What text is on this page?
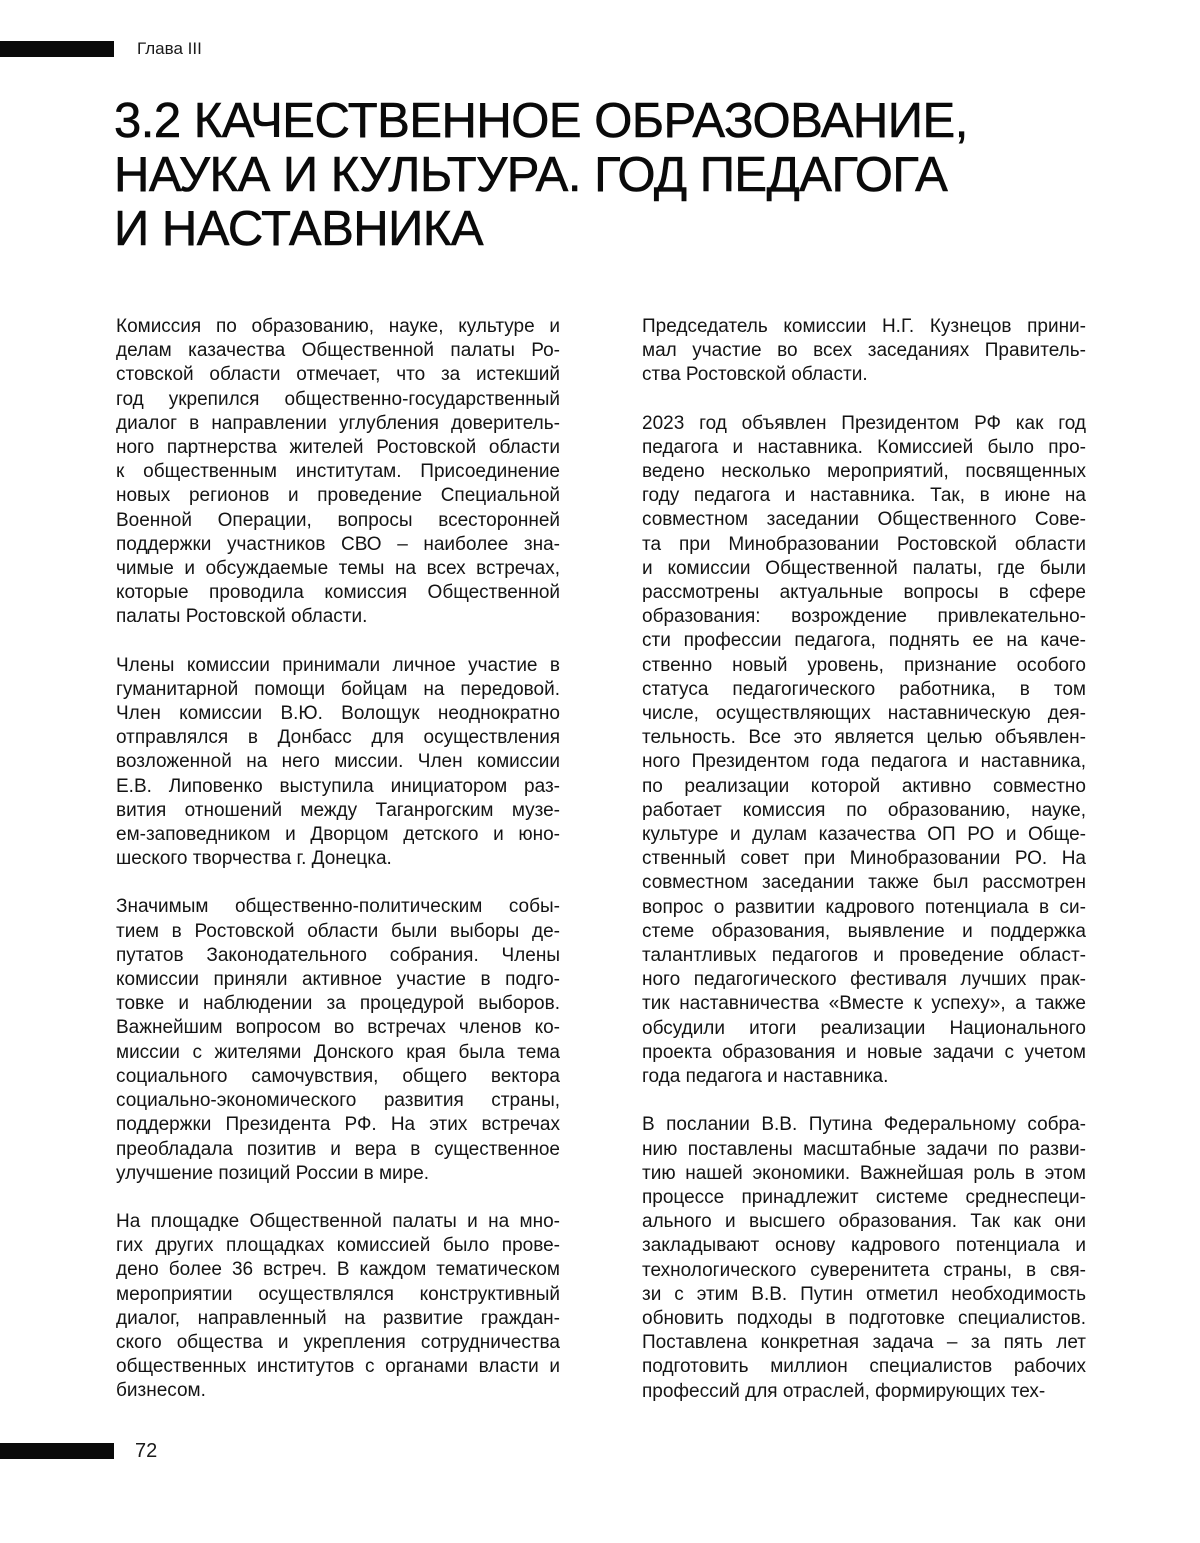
Глава III
3.2 КАЧЕСТВЕННОЕ ОБРАЗОВАНИЕ,
НАУКА И КУЛЬТУРА. ГОД ПЕДАГОГА
И НАСТАВНИКА

Комиссия по образованию, науке, культуре и
делам казачества Общественной палаты Ро-
стовской области отмечает, что за истекший
год укрепился общественно-государственный
диалог в направлении углубления доверитель-
ного партнерства жителей Ростовской области
к общественным институтам. Присоединение
новых регионов и проведение Специальной
Военной Операции, вопросы всесторонней
поддержки участников СВО – наиболее зна-
чимые и обсуждаемые темы на всех встречах,
которые проводила комиссия Общественной
палаты Ростовской области.

Члены комиссии принимали личное участие в
гуманитарной помощи бойцам на передовой.
Член комиссии В.Ю. Волощук неоднократно
отправлялся в Донбасс для осуществления
возложенной на него миссии. Член комиссии
Е.В. Липовенко выступила инициатором раз-
вития отношений между Таганрогским музе-
ем-заповедником и Дворцом детского и юно-
шеского творчества г. Донецка.

Значимым общественно-политическим собы-
тием в Ростовской области были выборы де-
путатов Законодательного собрания. Члены
комиссии приняли активное участие в подго-
товке и наблюдении за процедурой выборов.
Важнейшим вопросом во встречах членов ко-
миссии с жителями Донского края была тема
социального самочувствия, общего вектора
социально-экономического развития страны,
поддержки Президента РФ. На этих встречах
преобладала позитив и вера в существенное
улучшение позиций России в мире.

На площадке Общественной палаты и на мно-
гих других площадках комиссией было прове-
дено более 36 встреч. В каждом тематическом
мероприятии осуществлялся конструктивный
диалог, направленный на развитие граждан-
ского общества и укрепления сотрудничества
общественных институтов с органами власти и
бизнесом.

Председатель комиссии Н.Г. Кузнецов прини-
мал участие во всех заседаниях Правитель-
ства Ростовской области.

2023 год объявлен Президентом РФ как год
педагога и наставника. Комиссией было про-
ведено несколько мероприятий, посвященных
году педагога и наставника. Так, в июне на
совместном заседании Общественного Сове-
та при Минобразовании Ростовской области
и комиссии Общественной палаты, где были
рассмотрены актуальные вопросы в сфере
образования: возрождение привлекательно-
сти профессии педагога, поднять ее на каче-
ственно новый уровень, признание особого
статуса педагогического работника, в том
числе, осуществляющих наставническую дея-
тельность. Все это является целью объявлен-
ного Президентом года педагога и наставника,
по реализации которой активно совместно
работает комиссия по образованию, науке,
культуре и дулам казачества ОП РО и Обще-
ственный совет при Минобразовании РО. На
совместном заседании также был рассмотрен
вопрос о развитии кадрового потенциала в си-
стеме образования, выявление и поддержка
талантливых педагогов и проведение област-
ного педагогического фестиваля лучших прак-
тик наставничества «Вместе к успеху», а также
обсудили итоги реализации Национального
проекта образования и новые задачи с учетом
года педагога и наставника.

В послании В.В. Путина Федеральному собра-
нию поставлены масштабные задачи по разви-
тию нашей экономики. Важнейшая роль в этом
процессе принадлежит системе среднеспеци-
ального и высшего образования. Так как они
закладывают основу кадрового потенциала и
технологического суверенитета страны, в свя-
зи с этим В.В. Путин отметил необходимость
обновить подходы в подготовке специалистов.
Поставлена конкретная задача – за пять лет
подготовить миллион специалистов рабочих
профессий для отраслей, формирующих тех-

72
